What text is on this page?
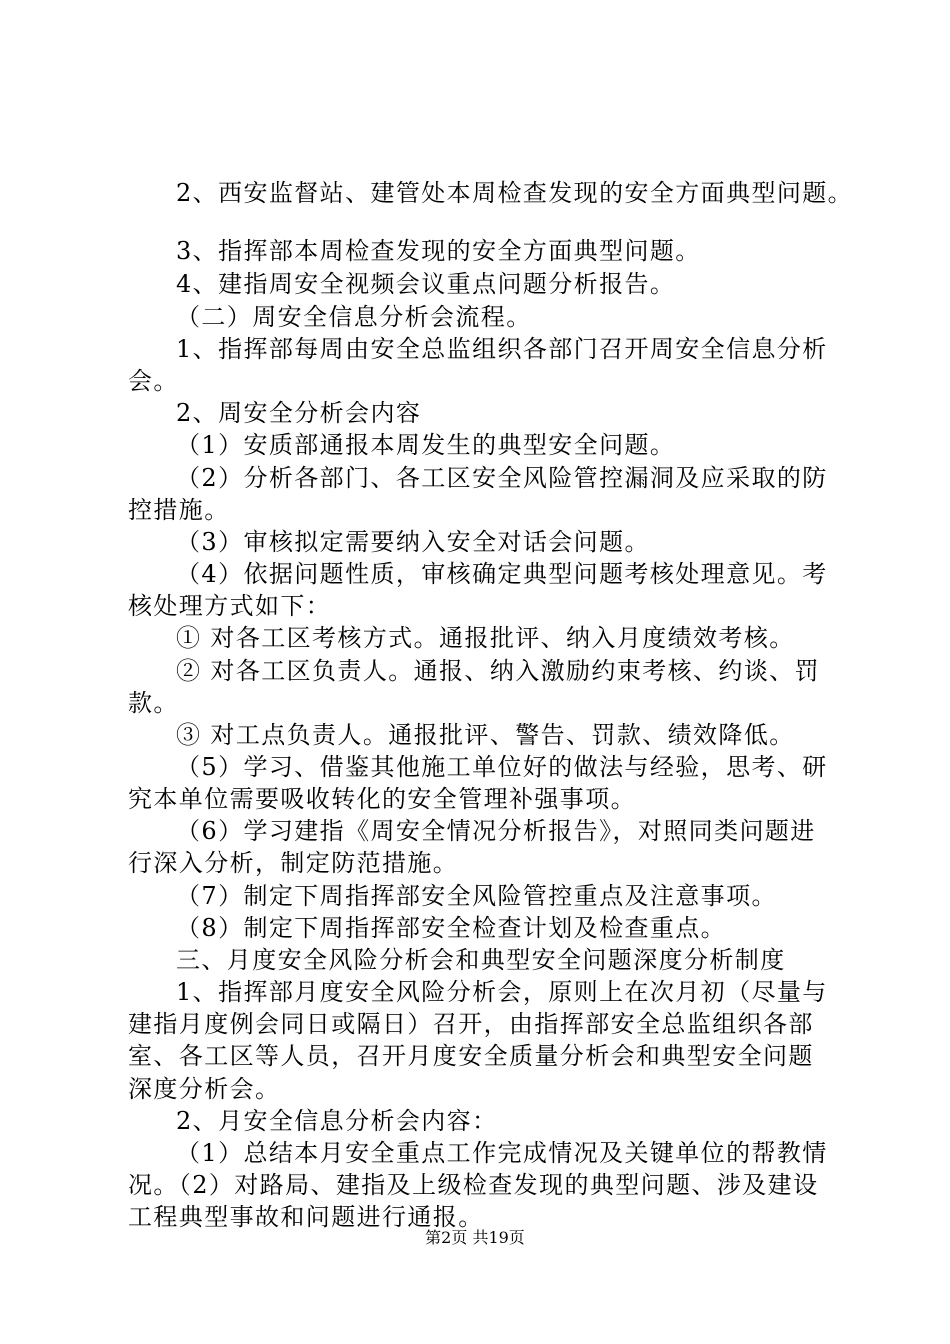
2、西安监督站、建管处本周检查发现的安全方面典型问题。
3、指挥部本周检查发现的安全方面典型问题。
4、建指周安全视频会议重点问题分析报告。
（二）周安全信息分析会流程。
1、指挥部每周由安全总监组织各部门召开周安全信息分析
会。
2、周安全分析会内容
（1）安质部通报本周发生的典型安全问题。
（2）分析各部门、各工区安全风险管控漏洞及应采取的防
控措施。
（3）审核拟定需要纳入安全对话会问题。
（4）依据问题性质，审核确定典型问题考核处理意见。考
核处理方式如下：
① 对各工区考核方式。通报批评、纳入月度绩效考核。
② 对各工区负责人。通报、纳入激励约束考核、约谈、罚
款。
③ 对工点负责人。通报批评、警告、罚款、绩效降低。
（5）学习、借鉴其他施工单位好的做法与经验，思考、研
究本单位需要吸收转化的安全管理补强事项。
（6）学习建指《周安全情况分析报告》，对照同类问题进
行深入分析，制定防范措施。
（7）制定下周指挥部安全风险管控重点及注意事项。
（8）制定下周指挥部安全检查计划及检查重点。
三、月度安全风险分析会和典型安全问题深度分析制度
1、指挥部月度安全风险分析会，原则上在次月初（尽量与
建指月度例会同日或隔日）召开，由指挥部安全总监组织各部
室、各工区等人员，召开月度安全质量分析会和典型安全问题
深度分析会。
2、月安全信息分析会内容：
（1）总结本月安全重点工作完成情况及关键单位的帮教情
况。（2）对路局、建指及上级检查发现的典型问题、涉及建设
工程典型事故和问题进行通报。
第2页 共19页
